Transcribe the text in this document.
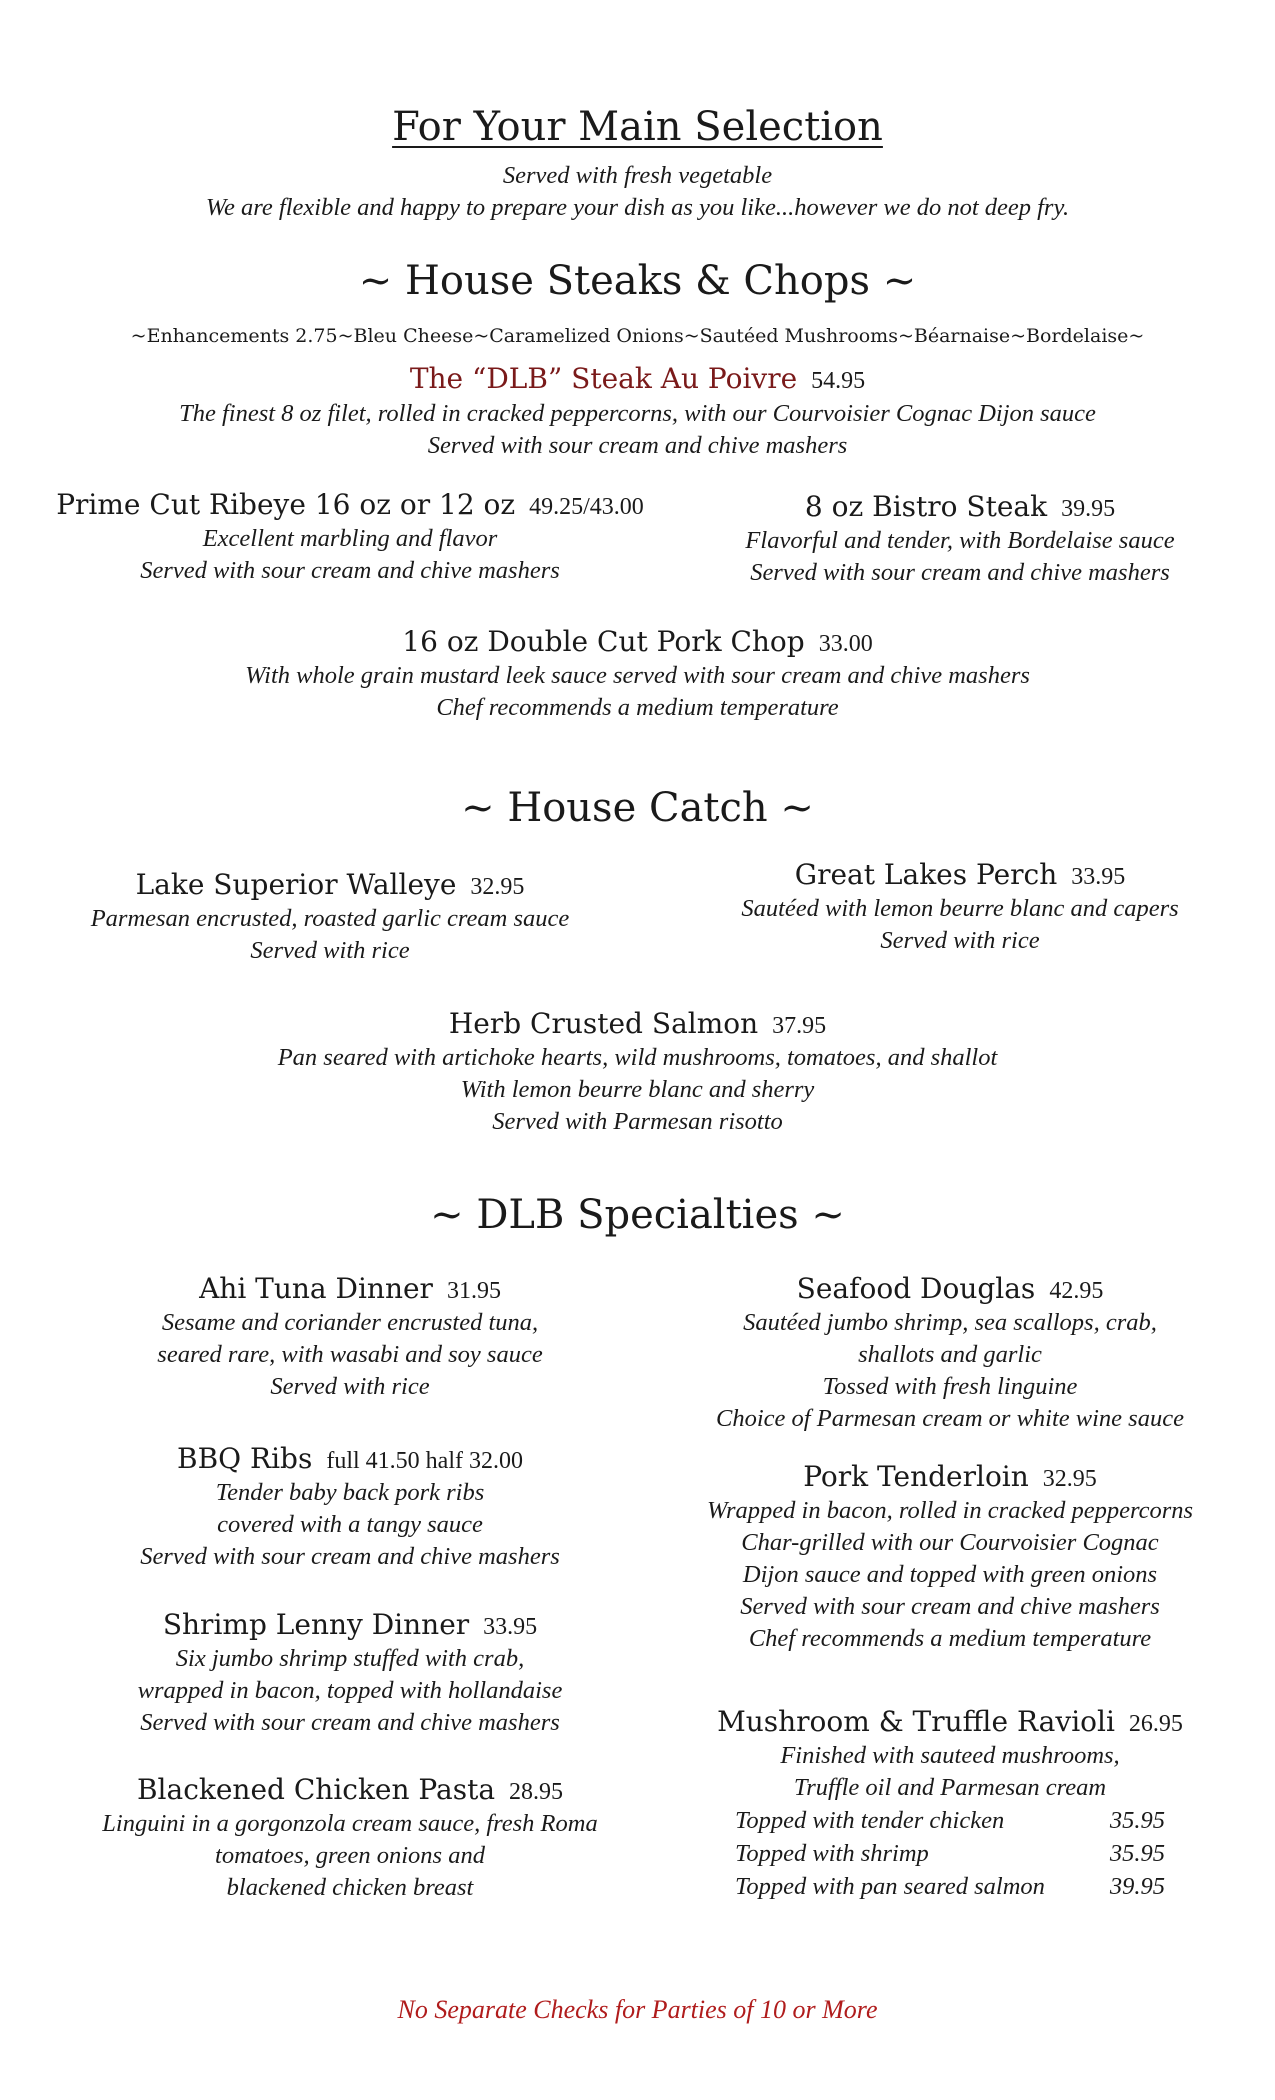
For Your Main Selection
Served with fresh vegetable
We are flexible and happy to prepare your dish as you like...however we do not deep fry.
~ House Steaks & Chops ~
~Enhancements 2.75~Bleu Cheese~Caramelized Onions~Sautéed Mushrooms~Béarnaise~Bordelaise~
The “DLB” Steak Au Poivre 54.95
The finest 8 oz filet, rolled in cracked peppercorns, with our Courvoisier Cognac Dijon sauce
Served with sour cream and chive mashers
Prime Cut Ribeye 16 oz or 12 oz 49.25/43.00
Excellent marbling and flavor
Served with sour cream and chive mashers
8 oz Bistro Steak 39.95
Flavorful and tender, with Bordelaise sauce
Served with sour cream and chive mashers
16 oz Double Cut Pork Chop 33.00
With whole grain mustard leek sauce served with sour cream and chive mashers
Chef recommends a medium temperature
~ House Catch ~
Lake Superior Walleye 32.95
Parmesan encrusted, roasted garlic cream sauce
Served with rice
Great Lakes Perch 33.95
Sautéed with lemon beurre blanc and capers
Served with rice
Herb Crusted Salmon 37.95
Pan seared with artichoke hearts, wild mushrooms, tomatoes, and shallot
With lemon beurre blanc and sherry
Served with Parmesan risotto
~ DLB Specialties ~
Ahi Tuna Dinner 31.95
Sesame and coriander encrusted tuna,
seared rare, with wasabi and soy sauce
Served with rice
BBQ Ribs full 41.50 half 32.00
Tender baby back pork ribs
covered with a tangy sauce
Served with sour cream and chive mashers
Shrimp Lenny Dinner 33.95
Six jumbo shrimp stuffed with crab,
wrapped in bacon, topped with hollandaise
Served with sour cream and chive mashers
Blackened Chicken Pasta 28.95
Linguini in a gorgonzola cream sauce, fresh Roma
tomatoes, green onions and
blackened chicken breast
Seafood Douglas 42.95
Sautéed jumbo shrimp, sea scallops, crab,
shallots and garlic
Tossed with fresh linguine
Choice of Parmesan cream or white wine sauce
Pork Tenderloin 32.95
Wrapped in bacon, rolled in cracked peppercorns
Char-grilled with our Courvoisier Cognac
Dijon sauce and topped with green onions
Served with sour cream and chive mashers
Chef recommends a medium temperature
Mushroom & Truffle Ravioli 26.95
Finished with sauteed mushrooms,
Truffle oil and Parmesan cream
Topped with tender chicken	35.95
Topped with shrimp	35.95
Topped with pan seared salmon	39.95
No Separate Checks for Parties of 10 or More
